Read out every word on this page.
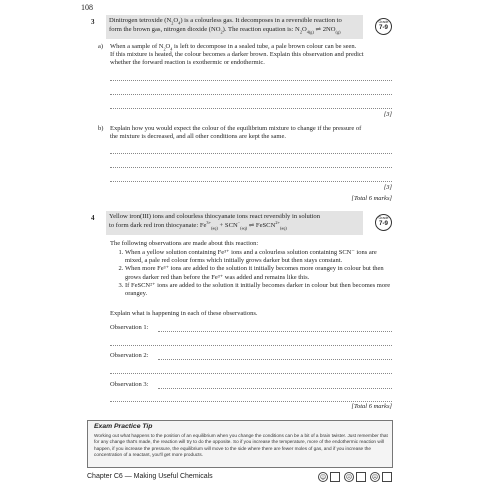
108
3 Dinitrogen tetroxide $(N_2O_4)$ is a colourless gas. It decomposes in a reversible reaction to
form the brown gas, nitrogen dioxide $(NO_2)$. The reaction equation is: $N_2O_{4(g)}$ ⇌ $2NO_{(g)}$
Grade
7-9
a) When a sample of $N_2O_4$ is left to decompose in a sealed tube, a pale brown colour can be seen.
If this mixture is heated, the colour becomes a darker brown. Explain this observation and predict
whether the forward reaction is exothermic or endothermic.
[3]
b) Explain how you would expect the colour of the equilibrium mixture to change if the pressure of
the mixture is decreased, and all other conditions are kept the same.
[3]
[Total 6 marks]
4 Yellow iron(III) ions and colourless thiocyanate ions react reversibly in solution
to form dark red iron thiocyanate: $Fe^{3+}_{(aq)} + SCN^-_{(aq)}$ ⇌ FeSCN$^{2+}_{(aq)}$
Grade
7-9
The following observations are made about this reaction:
1. When a yellow solution containing Fe³⁺ ions and a colourless solution containing SCN⁻ ions are mixed, a pale red colour forms which initially grows darker but then stays constant.
2. When more Fe³⁺ ions are added to the solution it initially becomes more orangey in colour but then grows darker red than before the Fe³⁺ was added and remains like this.
3. If FeSCN²⁺ ions are added to the solution it initially becomes darker in colour but then becomes more orangey.
Explain what is happening in each of these observations.
Observation 1:
Observation 2:
Observation 3:
[Total 6 marks]
Exam Practice Tip
Working out what happens to the position of an equilibrium when you change the conditions can be a bit of a brain twister. Just remember that for any change that's made, the reaction will try to do the opposite. So if you increase the temperature, more of the endothermic reaction will happen, if you increase the pressure, the equilibrium will move to the side where there are fewer moles of gas, and if you increase the concentration of a reactant, you'll get more products.
Chapter C6 — Making Useful Chemicals	☺	😐	☹
